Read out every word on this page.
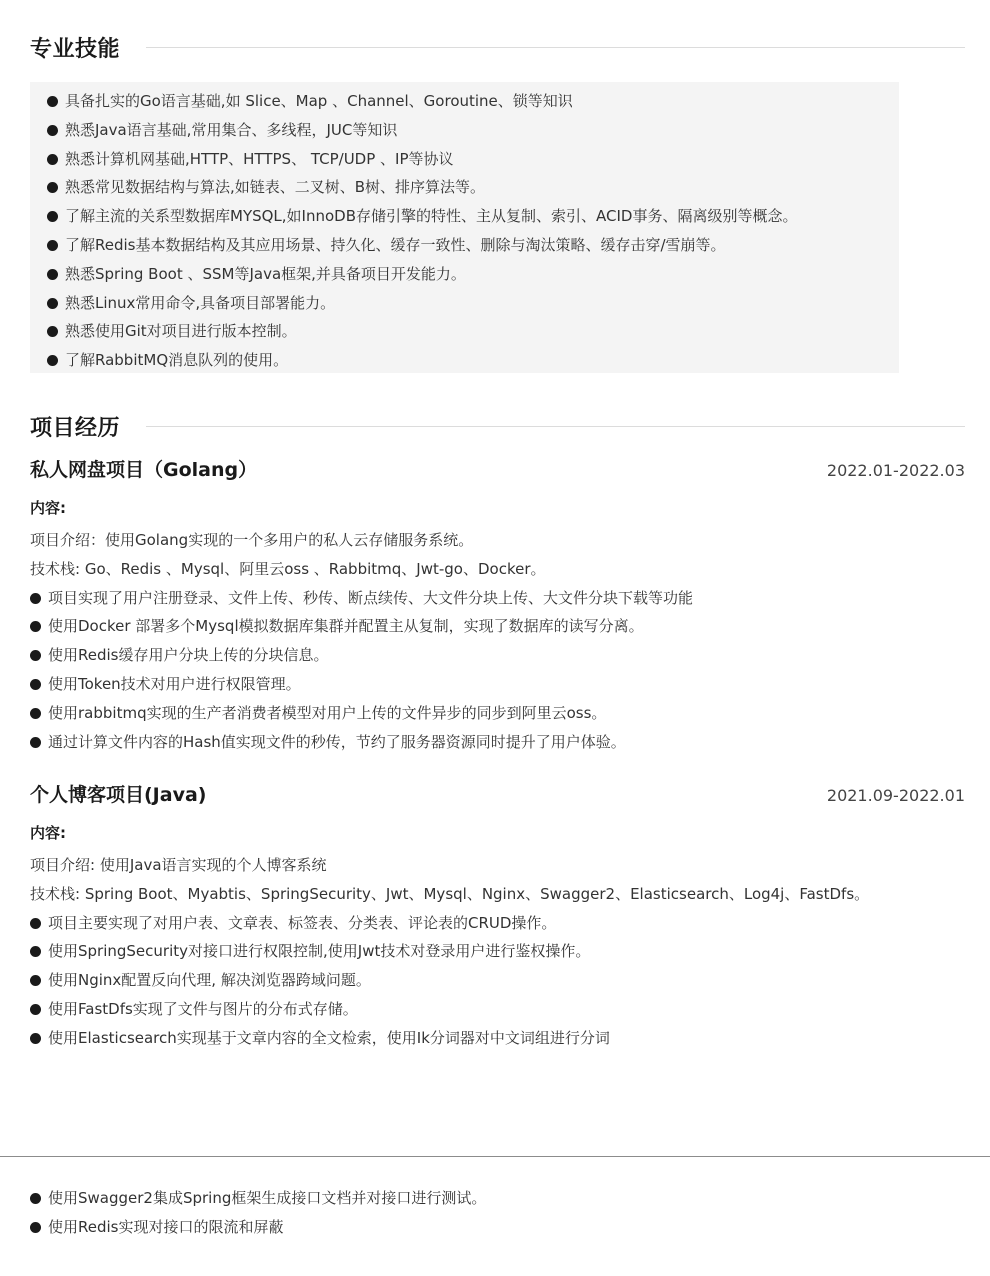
专业技能
具备扎实的Go语言基础,如 Slice、Map 、Channel、Goroutine、锁等知识
熟悉Java语言基础,常用集合、多线程，JUC等知识
熟悉计算机网基础,HTTP、HTTPS、 TCP/UDP 、IP等协议
熟悉常见数据结构与算法,如链表、二叉树、B树、排序算法等。
了解主流的关系型数据库MYSQL,如InnoDB存储引擎的特性、主从复制、索引、ACID事务、隔离级别等概念。
了解Redis基本数据结构及其应用场景、持久化、缓存一致性、删除与淘汰策略、缓存击穿/雪崩等。
熟悉Spring Boot 、SSM等Java框架,并具备项目开发能力。
熟悉Linux常用命令,具备项目部署能力。
熟悉使用Git对项目进行版本控制。
了解RabbitMQ消息队列的使用。
项目经历
私人网盘项目（Golang）	2022.01-2022.03
内容:
项目介绍：使用Golang实现的一个多用户的私人云存储服务系统。
技术栈: Go、Redis 、Mysql、阿里云oss 、Rabbitmq、Jwt-go、Docker。
项目实现了用户注册登录、文件上传、秒传、断点续传、大文件分块上传、大文件分块下载等功能
使用Docker 部署多个Mysql模拟数据库集群并配置主从复制，实现了数据库的读写分离。
使用Redis缓存用户分块上传的分块信息。
使用Token技术对用户进行权限管理。
使用rabbitmq实现的生产者消费者模型对用户上传的文件异步的同步到阿里云oss。
通过计算文件内容的Hash值实现文件的秒传，节约了服务器资源同时提升了用户体验。
个人博客项目(Java)	2021.09-2022.01
内容:
项目介绍: 使用Java语言实现的个人博客系统
技术栈: Spring Boot、Myabtis、SpringSecurity、Jwt、Mysql、Nginx、Swagger2、Elasticsearch、Log4j、FastDfs。
项目主要实现了对用户表、文章表、标签表、分类表、评论表的CRUD操作。
使用SpringSecurity对接口进行权限控制,使用Jwt技术对登录用户进行鉴权操作。
使用Nginx配置反向代理, 解决浏览器跨域问题。
使用FastDfs实现了文件与图片的分布式存储。
使用Elasticsearch实现基于文章内容的全文检索，使用Ik分词器对中文词组进行分词
使用Swagger2集成Spring框架生成接口文档并对接口进行测试。
使用Redis实现对接口的限流和屏蔽
